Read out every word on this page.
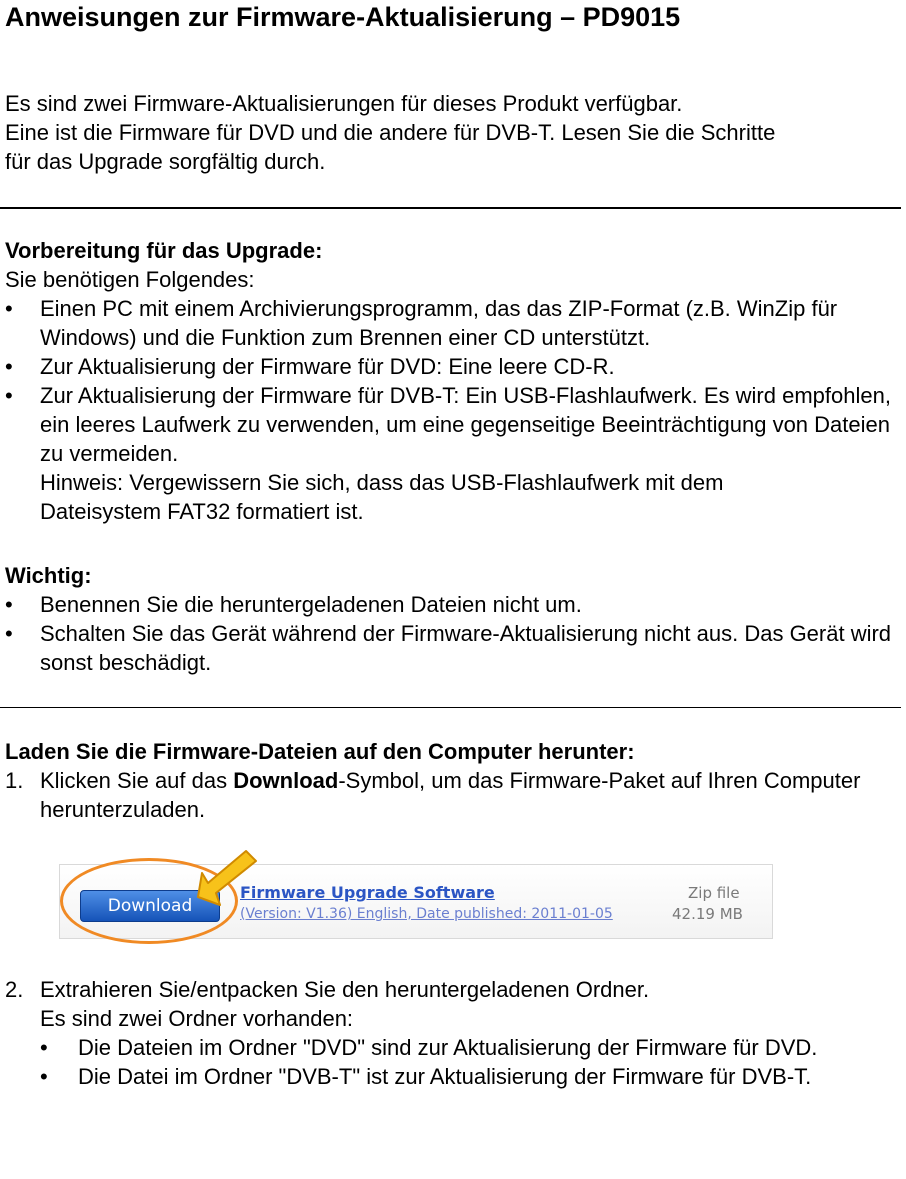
Anweisungen zur Firmware-Aktualisierung – PD9015

Es sind zwei Firmware-Aktualisierungen für dieses Produkt verfügbar.

Eine ist die Firmware für DVD und die andere für DVB-T. Lesen Sie die Schritte

für das Upgrade sorgfältig durch.

Vorbereitung für das Upgrade:

Sie benötigen Folgendes:

• Einen PC mit einem Archivierungsprogramm, das das ZIP-Format (z.B. WinZip für Windows) und die Funktion zum Brennen einer CD unterstützt.
• Zur Aktualisierung der Firmware für DVD: Eine leere CD-R.
• Zur Aktualisierung der Firmware für DVB-T: Ein USB-Flashlaufwerk. Es wird empfohlen, ein leeres Laufwerk zu verwenden, um eine gegenseitige Beeinträchtigung von Dateien zu vermeiden.
Hinweis: Vergewissern Sie sich, dass das USB-Flashlaufwerk mit dem Dateisystem FAT32 formatiert ist.

Wichtig:

• Benennen Sie die heruntergeladenen Dateien nicht um.
• Schalten Sie das Gerät während der Firmware-Aktualisierung nicht aus. Das Gerät wird sonst beschädigt.

Laden Sie die Firmware-Dateien auf den Computer herunter:

1. Klicken Sie auf das Download-Symbol, um das Firmware-Paket auf Ihren Computer herunterzuladen.
Download
Firmware Upgrade Software
(Version: V1.36) English, Date published: 2011-01-05
Zip file
42.19 MB
2. Extrahieren Sie/entpacken Sie den heruntergeladenen Ordner.
Es sind zwei Ordner vorhanden:
• Die Dateien im Ordner "DVD" sind zur Aktualisierung der Firmware für DVD.
• Die Datei im Ordner "DVB-T" ist zur Aktualisierung der Firmware für DVB-T.
